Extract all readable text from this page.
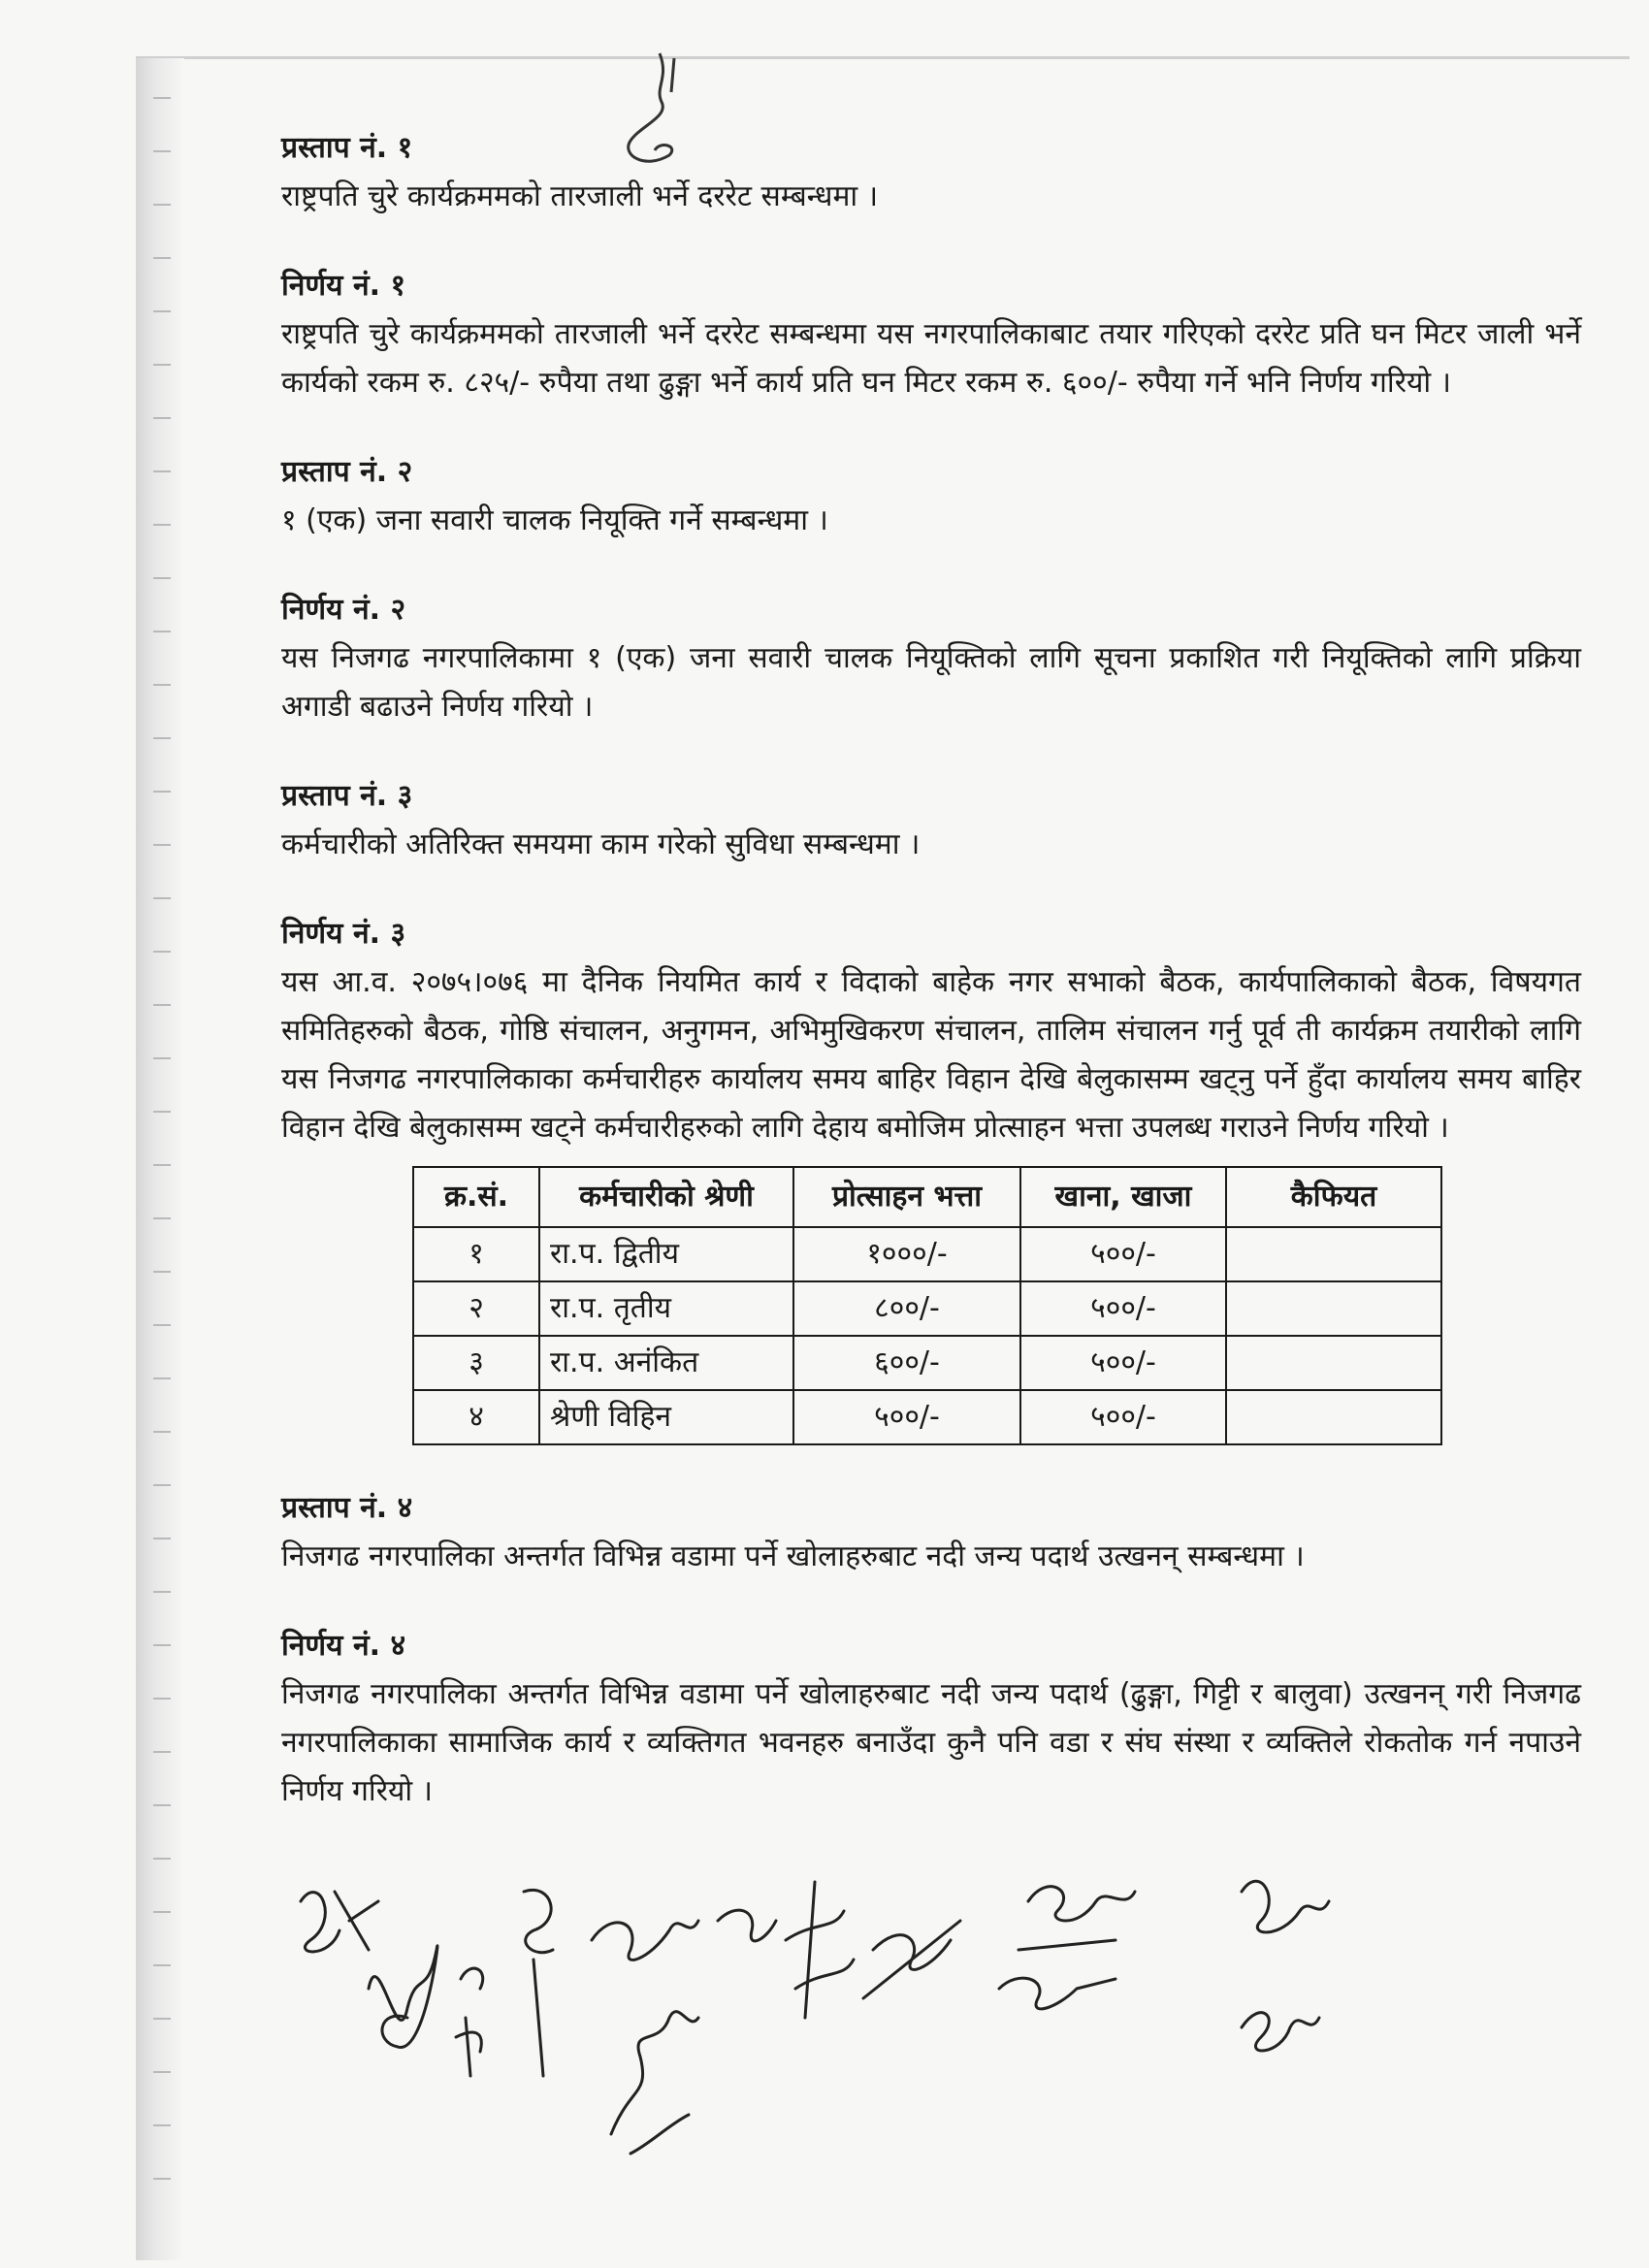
प्रस्ताप नं. १

राष्ट्रपति चुरे कार्यक्रममको तारजाली भर्ने दररेट सम्बन्धमा ।

निर्णय नं. १

राष्ट्रपति चुरे कार्यक्रममको तारजाली भर्ने दररेट सम्बन्धमा यस नगरपालिकाबाट तयार गरिएको दररेट प्रति घन मिटर जाली भर्ने कार्यको रकम रु. ८२५/- रुपैया तथा ढुङ्गा भर्ने कार्य प्रति घन मिटर रकम रु. ६००/- रुपैया गर्ने भनि निर्णय गरियो ।

प्रस्ताप नं. २

१ (एक) जना सवारी चालक नियूक्ति गर्ने सम्बन्धमा ।

निर्णय नं. २

यस निजगढ नगरपालिकामा १ (एक) जना सवारी चालक नियूक्तिको लागि सूचना प्रकाशित गरी नियूक्तिको लागि प्रक्रिया अगाडी बढाउने निर्णय गरियो ।

प्रस्ताप नं. ३

कर्मचारीको अतिरिक्त समयमा काम गरेको सुविधा सम्बन्धमा ।

निर्णय नं. ३

यस आ.व. २०७५।०७६ मा दैनिक नियमित कार्य र विदाको बाहेक नगर सभाको बैठक, कार्यपालिकाको बैठक, विषयगत समितिहरुको बैठक, गोष्ठि संचालन, अनुगमन, अभिमुखिकरण संचालन, तालिम संचालन गर्नु पूर्व ती कार्यक्रम तयारीको लागि यस निजगढ नगरपालिकाका कर्मचारीहरु कार्यालय समय बाहिर विहान देखि बेलुकासम्म खट्नु पर्ने हुँदा कार्यालय समय बाहिर विहान देखि बेलुकासम्म खट्ने कर्मचारीहरुको लागि देहाय बमोजिम प्रोत्साहन भत्ता उपलब्ध गराउने निर्णय गरियो ।

क्र.सं.	कर्मचारीको श्रेणी	प्रोत्साहन भत्ता	खाना, खाजा	कैफियत
१	रा.प. द्वितीय	१०००/-	५००/-	
२	रा.प. तृतीय	८००/-	५००/-	
३	रा.प. अनंकित	६००/-	५००/-	
४	श्रेणी विहिन	५००/-	५००/-	

प्रस्ताप नं. ४

निजगढ नगरपालिका अन्तर्गत विभिन्न वडामा पर्ने खोलाहरुबाट नदी जन्य पदार्थ उत्खनन् सम्बन्धमा ।

निर्णय नं. ४

निजगढ नगरपालिका अन्तर्गत विभिन्न वडामा पर्ने खोलाहरुबाट नदी जन्य पदार्थ (ढुङ्गा, गिट्टी र बालुवा) उत्खनन् गरी निजगढ नगरपालिकाका सामाजिक कार्य र व्यक्तिगत भवनहरु बनाउँदा कुनै पनि वडा र संघ संस्था र व्यक्तिले रोकतोक गर्न नपाउने निर्णय गरियो ।
